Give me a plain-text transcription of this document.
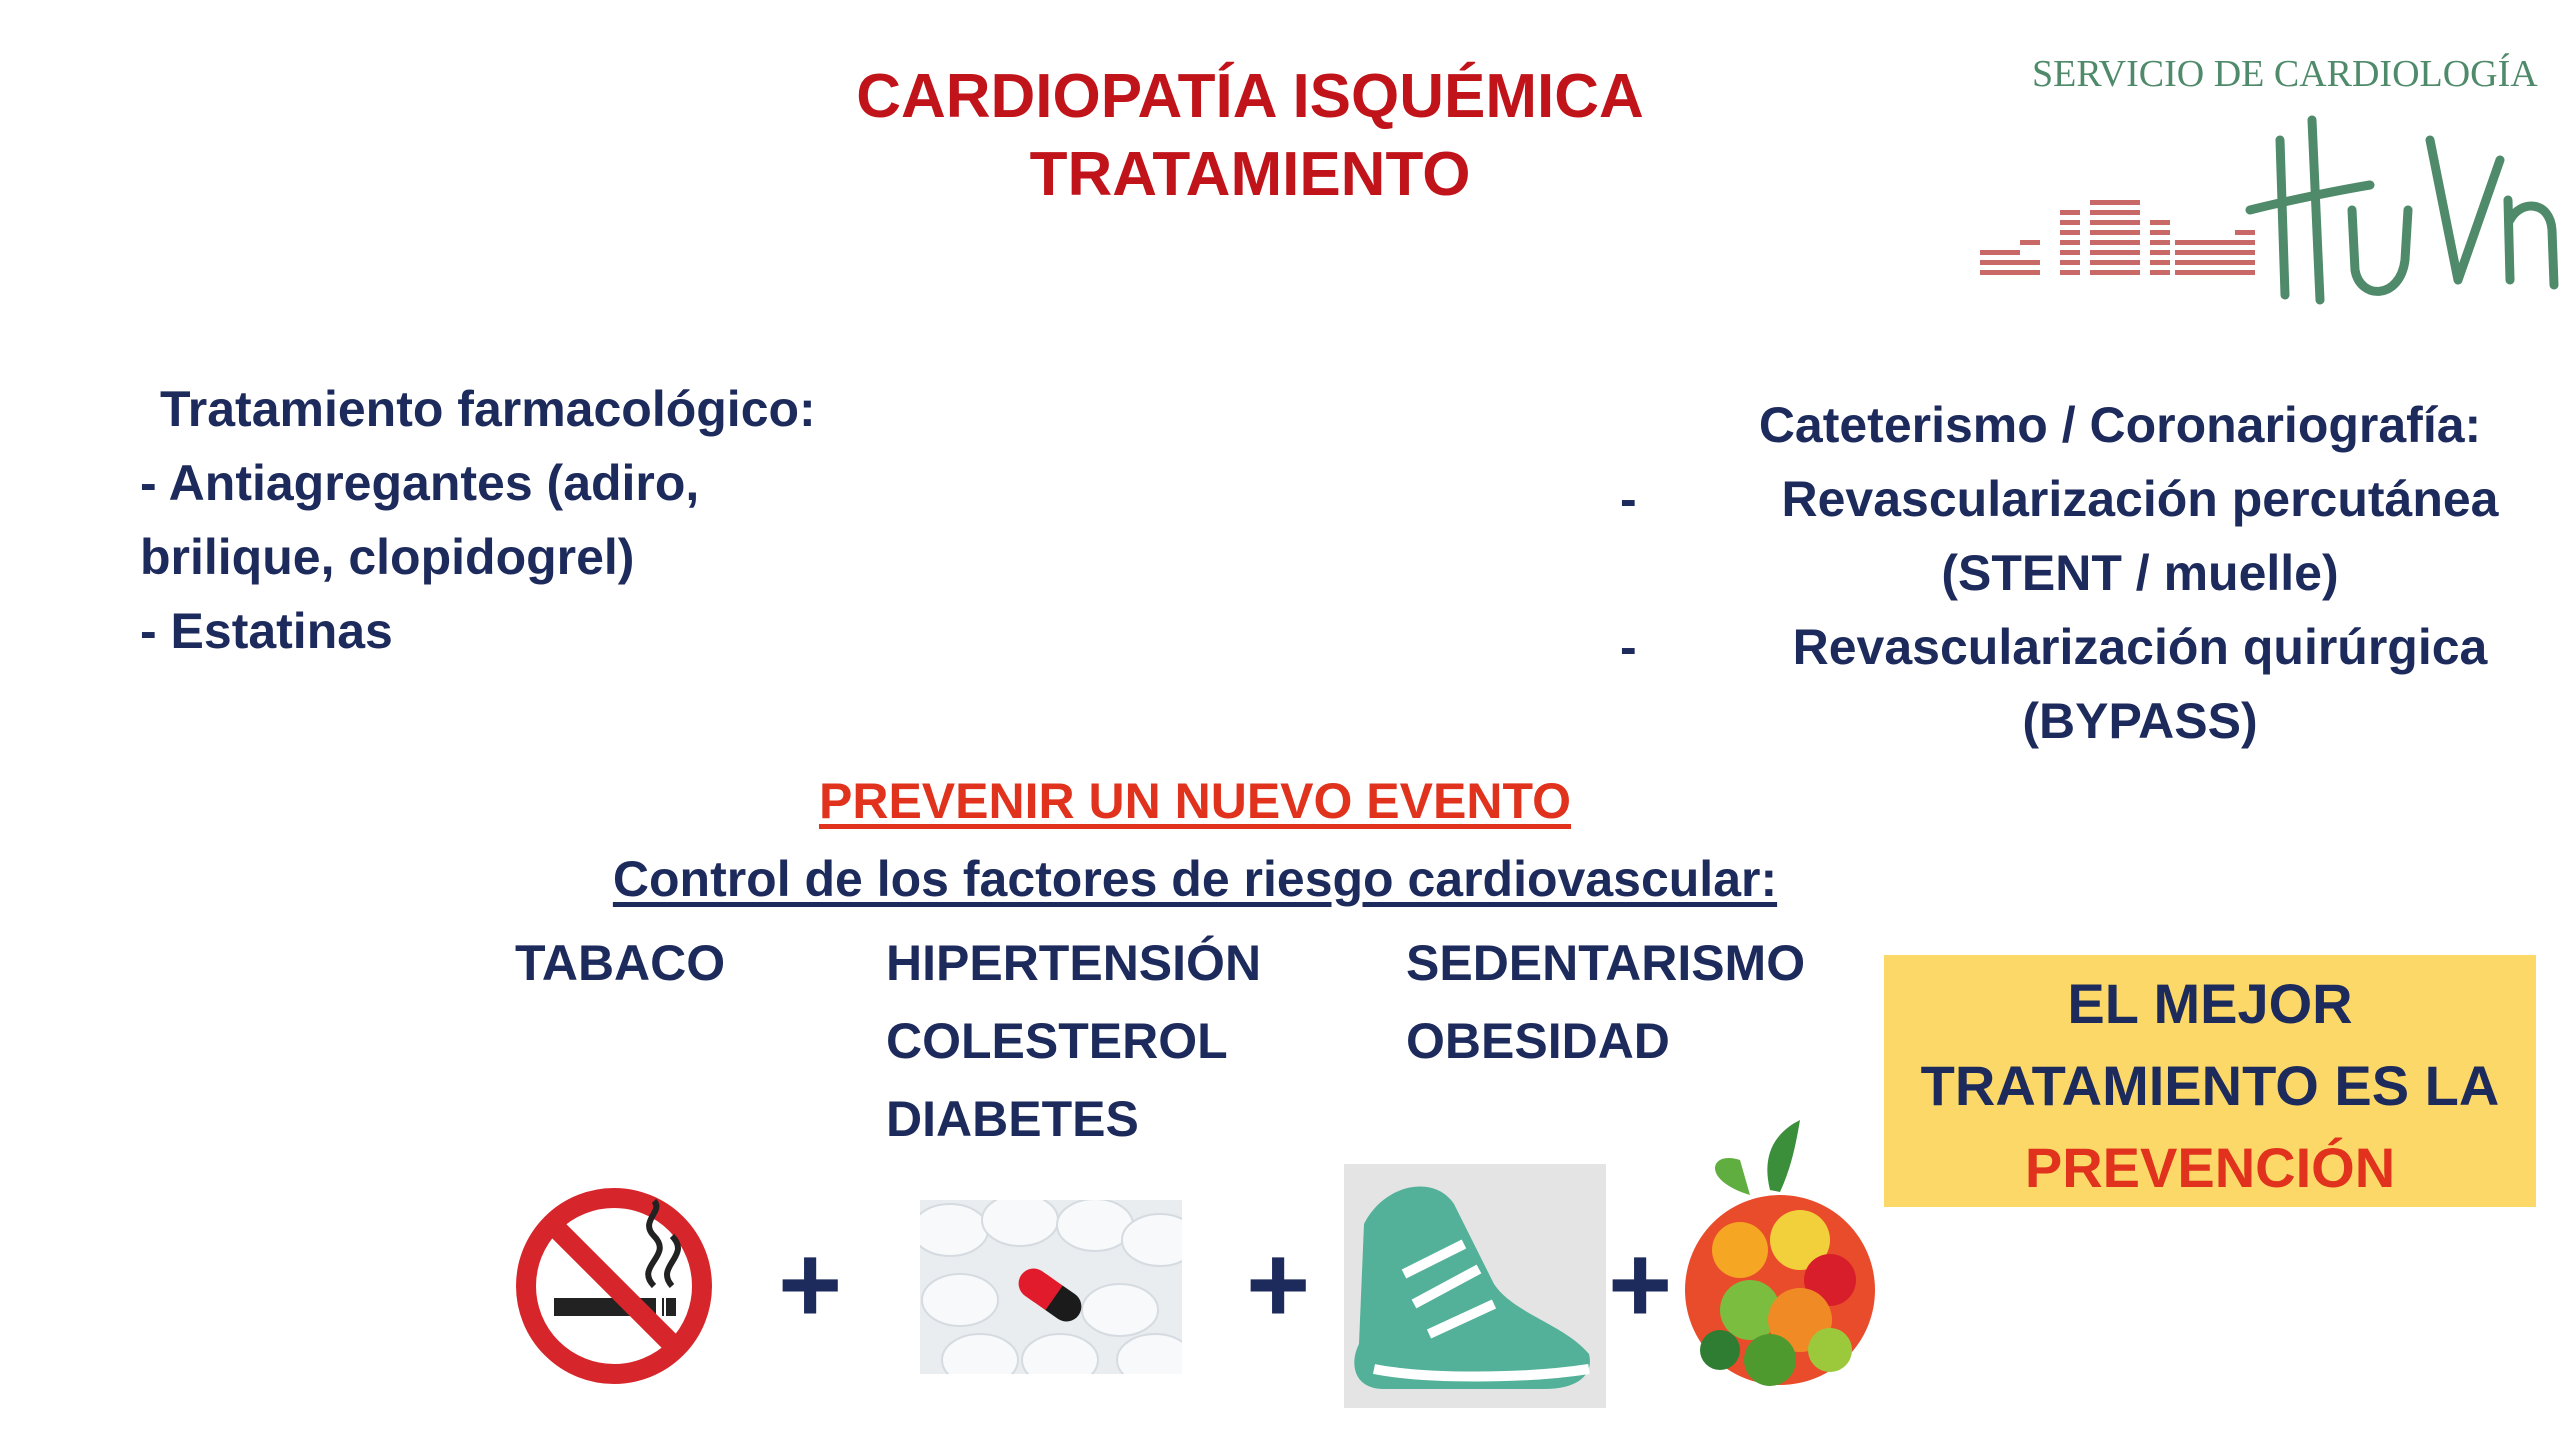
CARDIOPATÍA ISQUÉMICA
TRATAMIENTO
SERVICIO DE CARDIOLOGÍA
Tratamiento farmacológico:
- Antiagregantes (adiro,
brilique, clopidogrel)
- Estatinas
Cateterismo / Coronariografía:
-	Revascularización percutánea
(STENT / muelle)
-	Revascularización quirúrgica
(BYPASS)
PREVENIR UN NUEVO EVENTO
Control de los factores de riesgo cardiovascular:
TABACO	HIPERTENSIÓN
COLESTEROL
DIABETES
SEDENTARISMO
OBESIDAD
EL MEJOR
TRATAMIENTO ES LA
PREVENCIÓN
+	+	+
